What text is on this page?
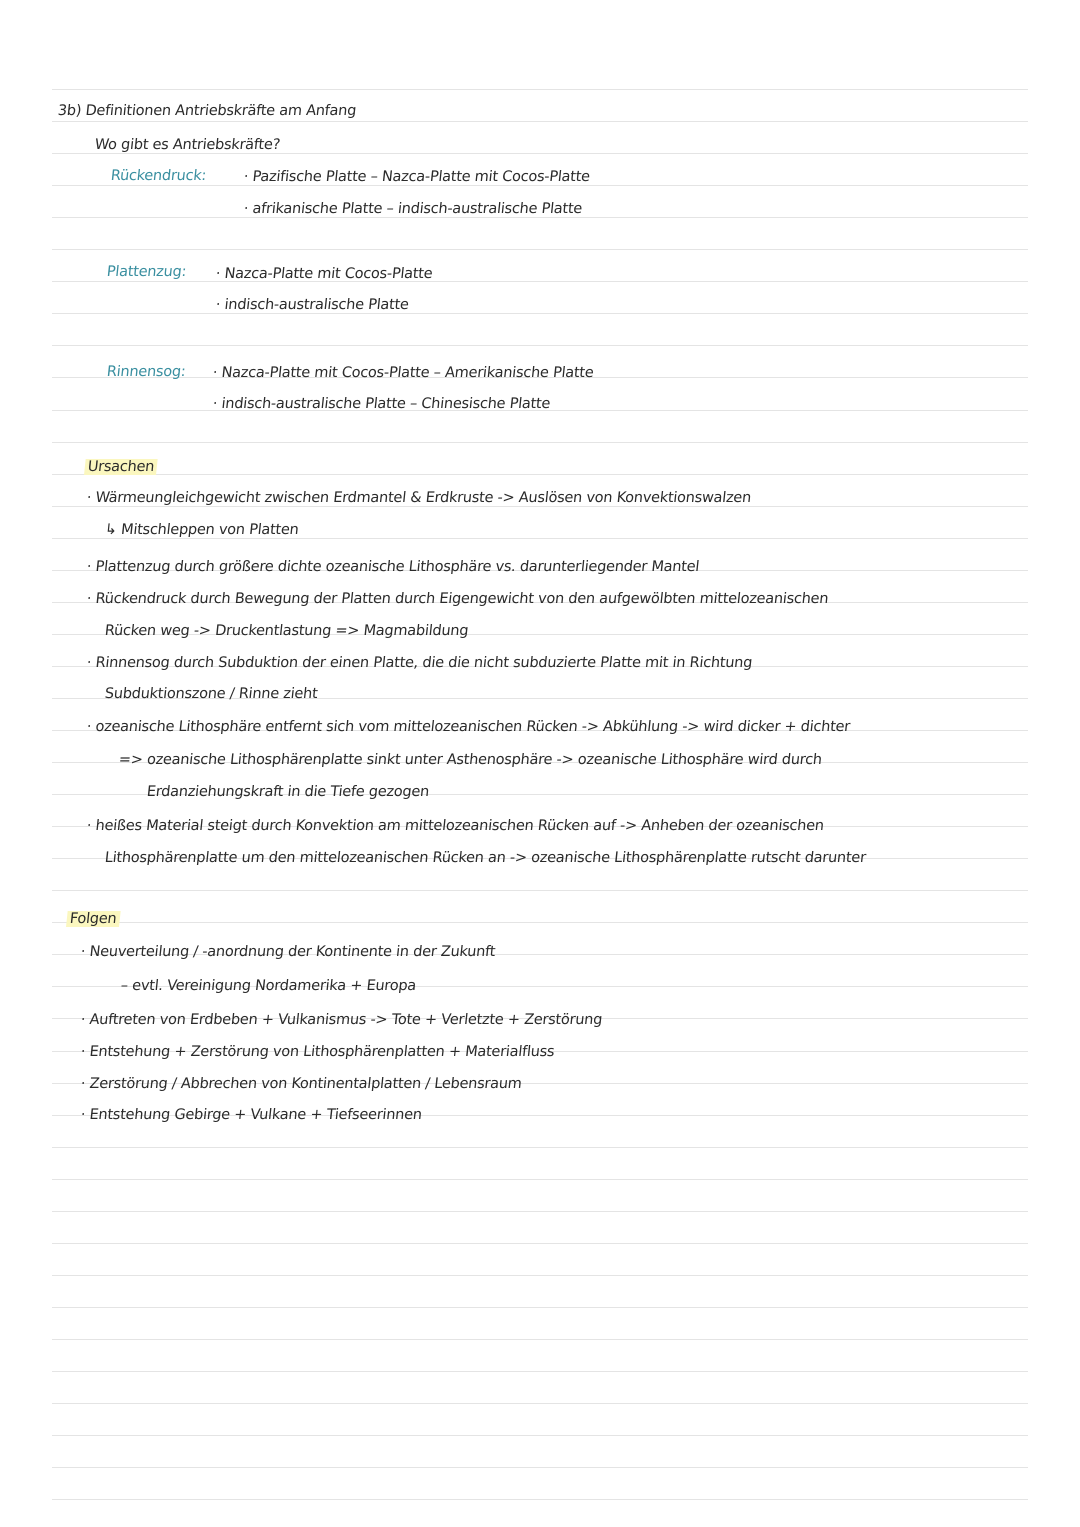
3b) Definitionen Antriebskräfte am Anfang
Wo gibt es Antriebskräfte?
Rückendruck: · Pazifische Platte – Nazca-Platte mit Cocos-Platte
· afrikanische Platte – indisch-australische Platte
Plattenzug: · Nazca-Platte mit Cocos-Platte
· indisch-australische Platte
Rinnensog: · Nazca-Platte mit Cocos-Platte – Amerikanische Platte
· indisch-australische Platte – Chinesische Platte
Ursachen
· Wärmeungleichgewicht zwischen Erdmantel & Erdkruste -> Auslösen von Konvektionswalzen
↳ Mitschleppen von Platten
· Plattenzug durch größere dichte ozeanische Lithosphäre vs. darunterliegender Mantel
· Rückendruck durch Bewegung der Platten durch Eigengewicht von den aufgewölbten mittelozeanischen
Rücken weg -> Druckentlastung => Magmabildung
· Rinnensog durch Subduktion der einen Platte, die die nicht subduzierte Platte mit in Richtung
Subduktionszone / Rinne zieht
· ozeanische Lithosphäre entfernt sich vom mittelozeanischen Rücken -> Abkühlung -> wird dicker + dichter
=> ozeanische Lithosphärenplatte sinkt unter Asthenosphäre -> ozeanische Lithosphäre wird durch
Erdanziehungskraft in die Tiefe gezogen
· heißes Material steigt durch Konvektion am mittelozeanischen Rücken auf -> Anheben der ozeanischen
Lithosphärenplatte um den mittelozeanischen Rücken an -> ozeanische Lithosphärenplatte rutscht darunter
Folgen
· Neuverteilung / -anordnung der Kontinente in der Zukunft
– evtl. Vereinigung Nordamerika + Europa
· Auftreten von Erdbeben + Vulkanismus -> Tote + Verletzte + Zerstörung
· Entstehung + Zerstörung von Lithosphärenplatten + Materialfluss
· Zerstörung / Abbrechen von Kontinentalplatten / Lebensraum
· Entstehung Gebirge + Vulkane + Tiefseerinnen
